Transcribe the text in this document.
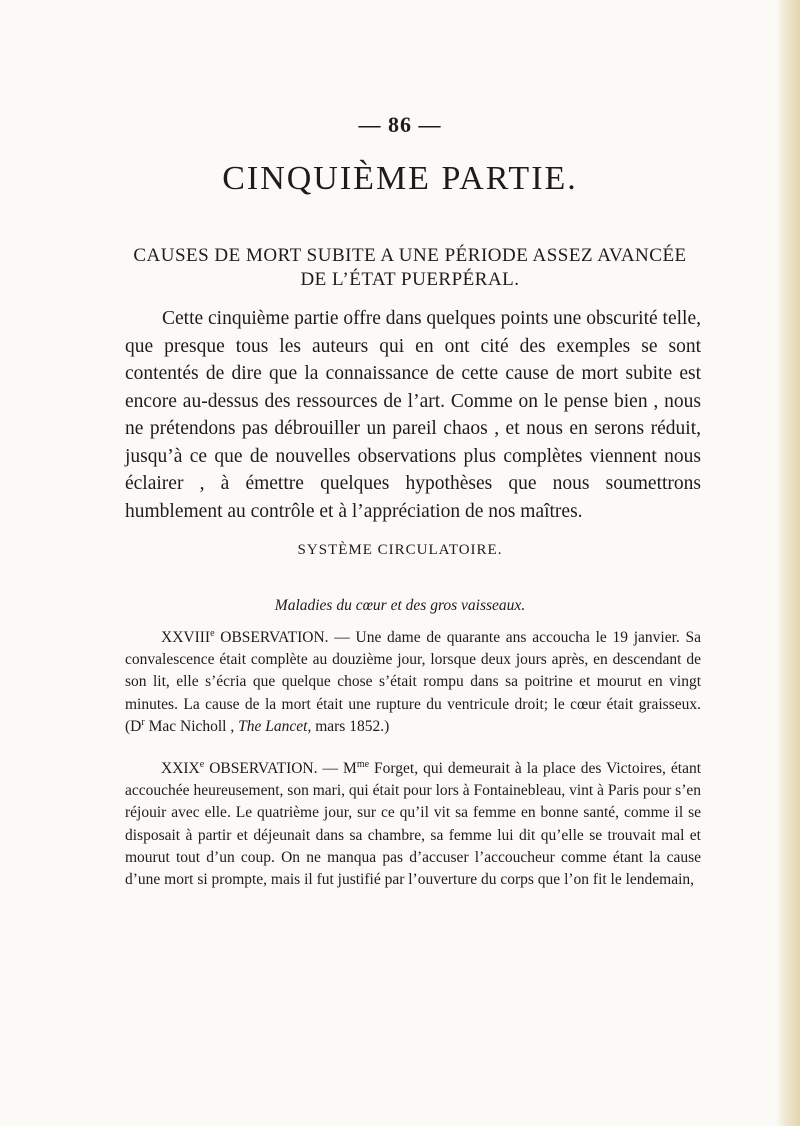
— 86 —
CINQUIÈME PARTIE.
CAUSES DE MORT SUBITE A UNE PÉRIODE ASSEZ AVANCÉE
DE L’ÉTAT PUERPÉRAL.

Cette cinquième partie offre dans quelques points une obscurité telle, que presque tous les auteurs qui en ont cité des exemples se sont contentés de dire que la connaissance de cette cause de mort subite est encore au-dessus des ressources de l’art. Comme on le pense bien , nous ne prétendons pas débrouiller un pareil chaos , et nous en serons réduit, jusqu’à ce que de nouvelles observations plus complètes viennent nous éclairer , à émettre quelques hypothèses que nous soumettrons humblement au contrôle et à l’appréciation de nos maîtres.

SYSTÈME CIRCULATOIRE.
Maladies du cœur et des gros vaisseaux.

XXVIIIe OBSERVATION. — Une dame de quarante ans accoucha le 19 janvier. Sa convalescence était complète au douzième jour, lorsque deux jours après, en descendant de son lit, elle s’écria que quelque chose s’était rompu dans sa poitrine et mourut en vingt minutes. La cause de la mort était une rupture du ventricule droit; le cœur était graisseux. ($D^r$ Mac Nicholl , The Lancet, mars 1852.)

XXIXe OBSERVATION. — $M^{me}$ Forget, qui demeurait à la place des Victoires, étant accouchée heureusement, son mari, qui était pour lors à Fontainebleau, vint à Paris pour s’en réjouir avec elle. Le quatrième jour, sur ce qu’il vit sa femme en bonne santé, comme il se disposait à partir et déjeunait dans sa chambre, sa femme lui dit qu’elle se trouvait mal et mourut tout d’un coup. On ne manqua pas d’accuser l’accoucheur comme étant la cause d’une mort si prompte, mais il fut justifié par l’ouverture du corps que l’on fit le lendemain,
